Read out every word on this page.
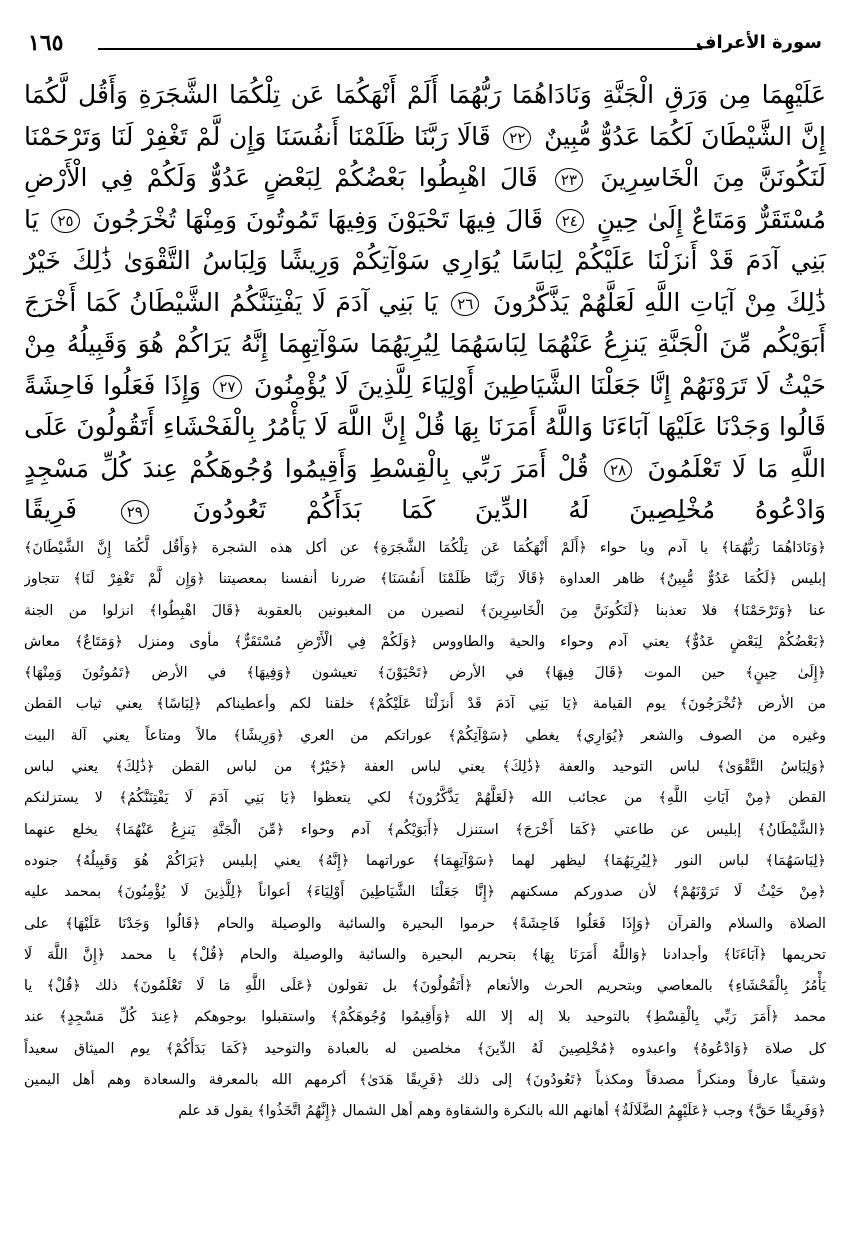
١٦٥	سورة الأعراف
عَلَيْهِمَا مِن وَرَقِ الْجَنَّةِ وَنَادَاهُمَا رَبُّهُمَا أَلَمْ أَنْهَكُمَا عَن تِلْكُمَا الشَّجَرَةِ وَأَقُل لَّكُمَا إِنَّ الشَّيْطَانَ لَكُمَا عَدُوٌّ مُّبِينٌ ٢٢ قَالَا رَبَّنَا ظَلَمْنَا أَنفُسَنَا وَإِن لَّمْ تَغْفِرْ لَنَا وَتَرْحَمْنَا لَنَكُونَنَّ مِنَ الْخَاسِرِينَ ٢٣ قَالَ اهْبِطُوا بَعْضُكُمْ لِبَعْضٍ عَدُوٌّ وَلَكُمْ فِي الْأَرْضِ مُسْتَقَرٌّ وَمَتَاعٌ إِلَىٰ حِينٍ ٢٤ قَالَ فِيهَا تَحْيَوْنَ وَفِيهَا تَمُوتُونَ وَمِنْهَا تُخْرَجُونَ ٢٥ يَا بَنِي آدَمَ قَدْ أَنزَلْنَا عَلَيْكُمْ لِبَاسًا يُوَارِي سَوْآتِكُمْ وَرِيشًا وَلِبَاسُ التَّقْوَىٰ ذَٰلِكَ خَيْرٌ ذَٰلِكَ مِنْ آيَاتِ اللَّهِ لَعَلَّهُمْ يَذَّكَّرُونَ ٢٦ يَا بَنِي آدَمَ لَا يَفْتِنَنَّكُمُ الشَّيْطَانُ كَمَا أَخْرَجَ أَبَوَيْكُم مِّنَ الْجَنَّةِ يَنزِعُ عَنْهُمَا لِبَاسَهُمَا لِيُرِيَهُمَا سَوْآتِهِمَا إِنَّهُ يَرَاكُمْ هُوَ وَقَبِيلُهُ مِنْ حَيْثُ لَا تَرَوْنَهُمْ إِنَّا جَعَلْنَا الشَّيَاطِينَ أَوْلِيَاءَ لِلَّذِينَ لَا يُؤْمِنُونَ ٢٧ وَإِذَا فَعَلُوا فَاحِشَةً قَالُوا وَجَدْنَا عَلَيْهَا آبَاءَنَا وَاللَّهُ أَمَرَنَا بِهَا قُلْ إِنَّ اللَّهَ لَا يَأْمُرُ بِالْفَحْشَاءِ أَتَقُولُونَ عَلَى اللَّهِ مَا لَا تَعْلَمُونَ ٢٨ قُلْ أَمَرَ رَبِّي بِالْقِسْطِ وَأَقِيمُوا وُجُوهَكُمْ عِندَ كُلِّ مَسْجِدٍ وَادْعُوهُ مُخْلِصِينَ لَهُ الدِّينَ كَمَا بَدَأَكُمْ تَعُودُونَ ٢٩ فَرِيقًا
﴿وَنَادَاهُمَا رَبُّهُمَا﴾ يا آدم ويا حواء ﴿أَلَمْ أَنْهَكُمَا عَن تِلْكُمَا الشَّجَرَةِ﴾ عن أكل هذه الشجرة ﴿وَأَقُل لَّكُمَا إِنَّ الشَّيْطَانَ﴾
إبليس ﴿لَكُمَا عَدُوٌّ مُّبِينٌ﴾ ظاهر العداوة ﴿قَالَا رَبَّنَا ظَلَمْنَا أَنفُسَنَا﴾ ضررنا أنفسنا بمعصيتنا ﴿وَإِن لَّمْ تَغْفِرْ لَنَا﴾ تتجاوز
عنا ﴿وَتَرْحَمْنَا﴾ فلا تعذبنا ﴿لَنَكُونَنَّ مِنَ الْخَاسِرِينَ﴾ لنصيرن من المغبونين بالعقوبة ﴿قَالَ اهْبِطُوا﴾ انزلوا من الجنة
﴿بَعْضُكُمْ لِبَعْضٍ عَدُوٌّ﴾ يعني آدم وحواء والحية والطاووس ﴿وَلَكُمْ فِي الْأَرْضِ مُسْتَقَرٌّ﴾ مأوى ومنزل ﴿وَمَتَاعٌ﴾ معاش
﴿إِلَىٰ حِينٍ﴾ حين الموت ﴿قَالَ فِيهَا﴾ في الأرض ﴿تَحْيَوْنَ﴾ تعيشون ﴿وَفِيهَا﴾ في الأرض ﴿تَمُوتُونَ وَمِنْهَا﴾
من الأرض ﴿تُخْرَجُونَ﴾ يوم القيامة ﴿يَا بَنِي آدَمَ قَدْ أَنزَلْنَا عَلَيْكُمْ﴾ خلقنا لكم وأعطيناكم ﴿لِبَاسًا﴾ يعني ثياب القطن
وغيره من الصوف والشعر ﴿يُوَارِي﴾ يغطي ﴿سَوْآتِكُمْ﴾ عوراتكم من العري ﴿وَرِيشًا﴾ مالاً ومتاعاً يعني آلة البيت
﴿وَلِبَاسُ التَّقْوَىٰ﴾ لباس التوحيد والعفة ﴿ذَٰلِكَ﴾ يعني لباس العفة ﴿خَيْرٌ﴾ من لباس القطن ﴿ذَٰلِكَ﴾ يعني لباس
القطن ﴿مِنْ آيَاتِ اللَّهِ﴾ من عجائب الله ﴿لَعَلَّهُمْ يَذَّكَّرُونَ﴾ لكي يتعظوا ﴿يَا بَنِي آدَمَ لَا يَفْتِنَنَّكُمُ﴾ لا يستزلنكم
﴿الشَّيْطَانُ﴾ إبليس عن طاعتي ﴿كَمَا أَخْرَجَ﴾ استنزل ﴿أَبَوَيْكُم﴾ آدم وحواء ﴿مِّنَ الْجَنَّةِ يَنزِعُ عَنْهُمَا﴾ يخلع عنهما
﴿لِبَاسَهُمَا﴾ لباس النور ﴿لِيُرِيَهُمَا﴾ ليظهر لهما ﴿سَوْآتِهِمَا﴾ عوراتهما ﴿إِنَّهُ﴾ يعني إبليس ﴿يَرَاكُمْ هُوَ وَقَبِيلُهُ﴾ جنوده
﴿مِنْ حَيْثُ لَا تَرَوْنَهُمْ﴾ لأن صدوركم مسكنهم ﴿إِنَّا جَعَلْنَا الشَّيَاطِينَ أَوْلِيَاءَ﴾ أعواناً ﴿لِلَّذِينَ لَا يُؤْمِنُونَ﴾ بمحمد عليه
الصلاة والسلام والقرآن ﴿وَإِذَا فَعَلُوا فَاحِشَةً﴾ حرموا البحيرة والسائبة والوصيلة والحام ﴿قَالُوا وَجَدْنَا عَلَيْهَا﴾ على
تحريمها ﴿آبَاءَنَا﴾ وأجدادنا ﴿وَاللَّهُ أَمَرَنَا بِهَا﴾ بتحريم البحيرة والسائبة والوصيلة والحام ﴿قُلْ﴾ يا محمد ﴿إِنَّ اللَّهَ لَا
يَأْمُرُ بِالْفَحْشَاءِ﴾ بالمعاصي وبتحريم الحرث والأنعام ﴿أَتَقُولُونَ﴾ بل تقولون ﴿عَلَى اللَّهِ مَا لَا تَعْلَمُونَ﴾ ذلك ﴿قُلْ﴾ يا
محمد ﴿أَمَرَ رَبِّي بِالْقِسْطِ﴾ بالتوحيد بلا إله إلا الله ﴿وَأَقِيمُوا وُجُوهَكُمْ﴾ واستقبلوا بوجوهكم ﴿عِندَ كُلِّ مَسْجِدٍ﴾ عند
كل صلاة ﴿وَادْعُوهُ﴾ واعبدوه ﴿مُخْلِصِينَ لَهُ الدِّينَ﴾ مخلصين له بالعبادة والتوحيد ﴿كَمَا بَدَأَكُمْ﴾ يوم الميثاق سعيداً
وشقياً عارفاً ومنكراً مصدقاً ومكذباً ﴿تَعُودُونَ﴾ إلى ذلك ﴿فَرِيقًا هَدَىٰ﴾ أكرمهم الله بالمعرفة والسعادة وهم أهل اليمين
﴿وَفَرِيقًا حَقَّ﴾ وجب ﴿عَلَيْهِمُ الضَّلَالَةُ﴾ أهانهم الله بالنكرة والشقاوة وهم أهل الشمال ﴿إِنَّهُمُ اتَّخَذُوا﴾ يقول قد علم
